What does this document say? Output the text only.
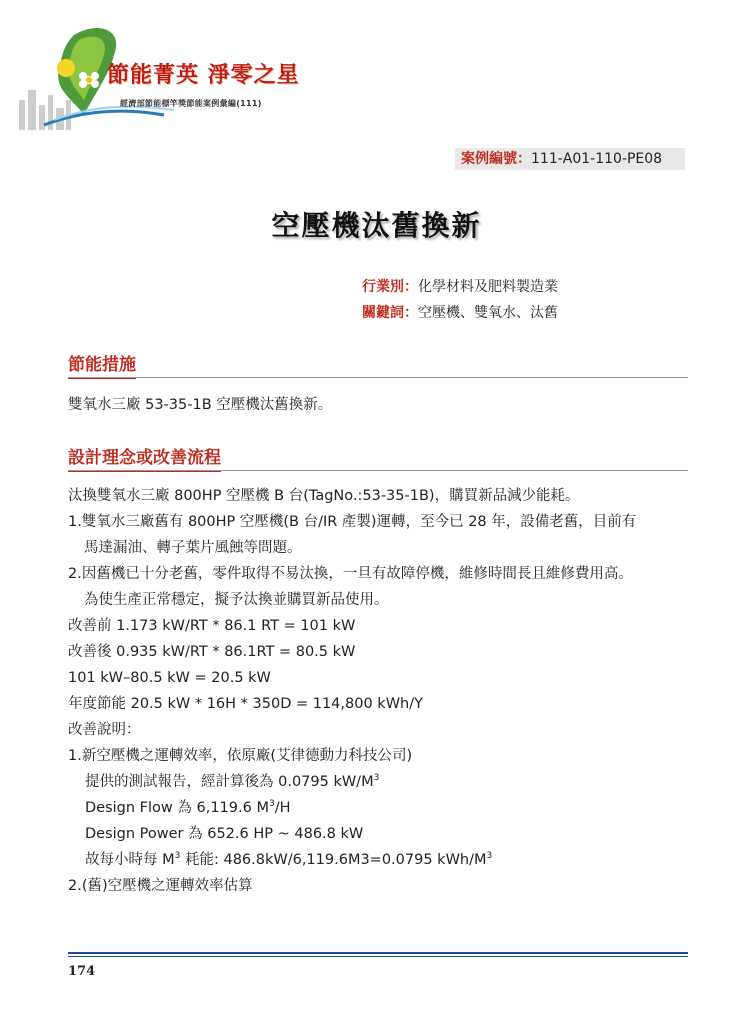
節能菁英 淨零之星
經濟部節能標竿獎節能案例彙編(111)
案例編號：111-A01-110-PE08
空壓機汰舊換新
行業別：化學材料及肥料製造業
關鍵詞：空壓機、雙氧水、汰舊
節能措施

雙氧水三廠 53-35-1B 空壓機汰舊換新。

設計理念或改善流程

汰換雙氧水三廠 800HP 空壓機 B 台(TagNo.:53-35-1B)，購買新品減少能耗。

1.雙氧水三廠舊有 800HP 空壓機(B 台/IR 產製)運轉，至今已 28 年，設備老舊，目前有

馬達漏油、轉子葉片風蝕等問題。

2.因舊機已十分老舊，零件取得不易汰換，一旦有故障停機，維修時間長且維修費用高。

為使生產正常穩定，擬予汰換並購買新品使用。

改善前 1.173 kW/RT * 86.1 RT = 101 kW

改善後 0.935 kW/RT * 86.1RT = 80.5 kW

101 kW–80.5 kW = 20.5 kW

年度節能 20.5 kW * 16H * 350D = 114,800 kWh/Y

改善說明：

1.新空壓機之運轉效率，依原廠(艾律德動力科技公司)

提供的測試報告，經計算後為 0.0795 $kW/M^3$

Design Flow 為 6,119.6 $M^3/H$

Design Power 為 652.6 HP ~ 486.8 kW

故每小時每 $M^3$ 耗能: 486.8kW/6,119.6M3=0.0795 kWh/$M^3$

2.(舊)空壓機之運轉效率估算

174
